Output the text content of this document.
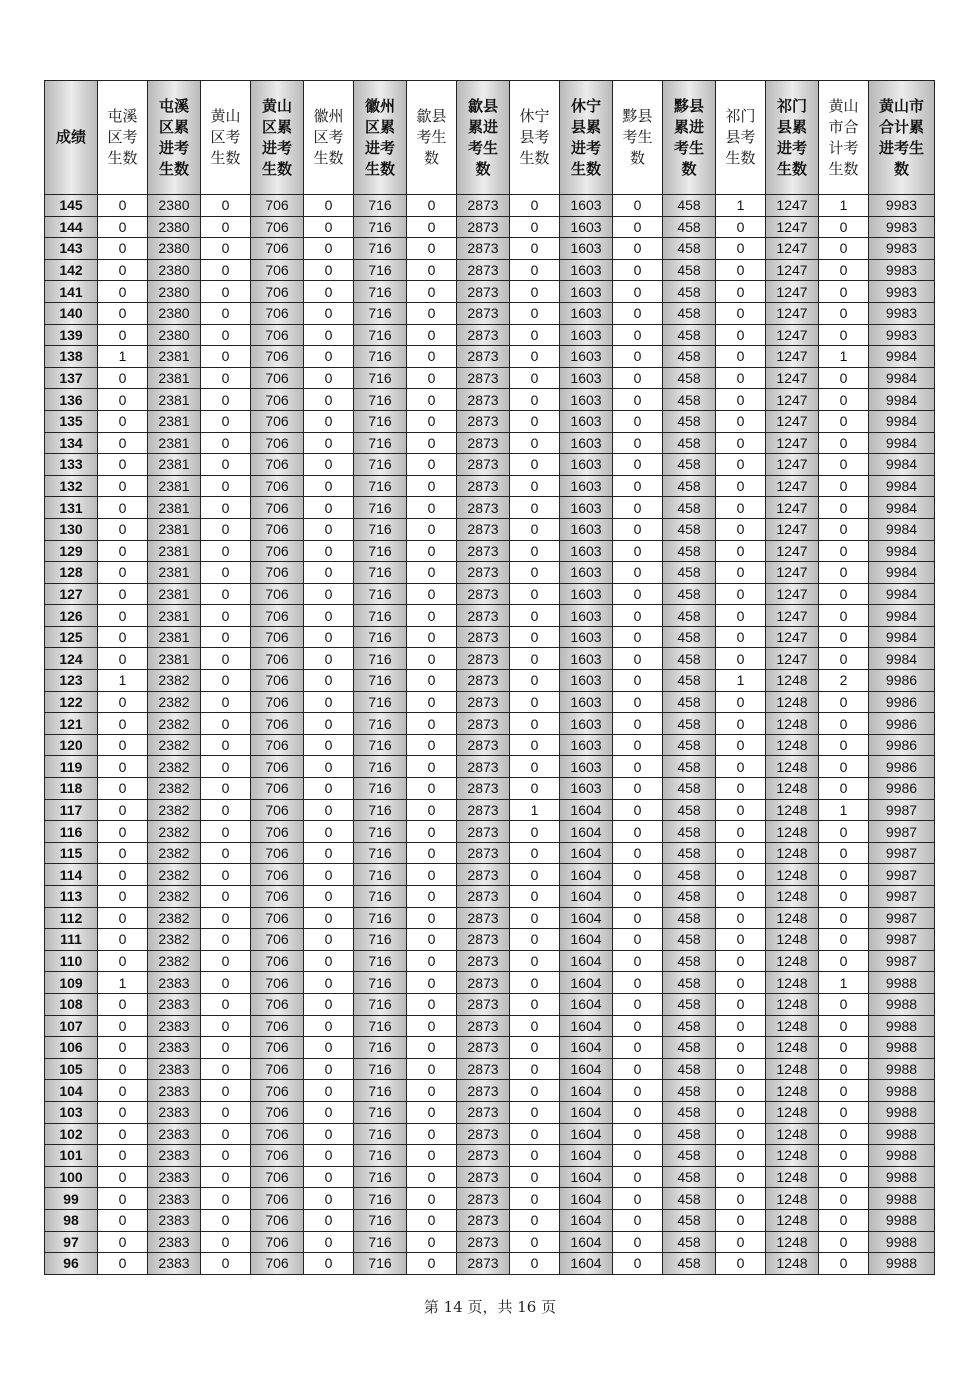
成绩	屯溪区考生数	屯溪区累进考生数	黄山区考生数	黄山区累进考生数	徽州区考生数	徽州区累进考生数	歙县考生数	歙县累进考生数	休宁县考生数	休宁县累进考生数	黟县考生数	黟县累进考生数	祁门县考生数	祁门县累进考生数	黄山市合计考生数	黄山市合计累进考生数

145	0	2380	0	706	0	716	0	2873	0	1603	0	458	1	1247	1	9983
144	0	2380	0	706	0	716	0	2873	0	1603	0	458	0	1247	0	9983
143	0	2380	0	706	0	716	0	2873	0	1603	0	458	0	1247	0	9983
142	0	2380	0	706	0	716	0	2873	0	1603	0	458	0	1247	0	9983
141	0	2380	0	706	0	716	0	2873	0	1603	0	458	0	1247	0	9983
140	0	2380	0	706	0	716	0	2873	0	1603	0	458	0	1247	0	9983
139	0	2380	0	706	0	716	0	2873	0	1603	0	458	0	1247	0	9983
138	1	2381	0	706	0	716	0	2873	0	1603	0	458	0	1247	1	9984
137	0	2381	0	706	0	716	0	2873	0	1603	0	458	0	1247	0	9984
136	0	2381	0	706	0	716	0	2873	0	1603	0	458	0	1247	0	9984
135	0	2381	0	706	0	716	0	2873	0	1603	0	458	0	1247	0	9984
134	0	2381	0	706	0	716	0	2873	0	1603	0	458	0	1247	0	9984
133	0	2381	0	706	0	716	0	2873	0	1603	0	458	0	1247	0	9984
132	0	2381	0	706	0	716	0	2873	0	1603	0	458	0	1247	0	9984
131	0	2381	0	706	0	716	0	2873	0	1603	0	458	0	1247	0	9984
130	0	2381	0	706	0	716	0	2873	0	1603	0	458	0	1247	0	9984
129	0	2381	0	706	0	716	0	2873	0	1603	0	458	0	1247	0	9984
128	0	2381	0	706	0	716	0	2873	0	1603	0	458	0	1247	0	9984
127	0	2381	0	706	0	716	0	2873	0	1603	0	458	0	1247	0	9984
126	0	2381	0	706	0	716	0	2873	0	1603	0	458	0	1247	0	9984
125	0	2381	0	706	0	716	0	2873	0	1603	0	458	0	1247	0	9984
124	0	2381	0	706	0	716	0	2873	0	1603	0	458	0	1247	0	9984
123	1	2382	0	706	0	716	0	2873	0	1603	0	458	1	1248	2	9986
122	0	2382	0	706	0	716	0	2873	0	1603	0	458	0	1248	0	9986
121	0	2382	0	706	0	716	0	2873	0	1603	0	458	0	1248	0	9986
120	0	2382	0	706	0	716	0	2873	0	1603	0	458	0	1248	0	9986
119	0	2382	0	706	0	716	0	2873	0	1603	0	458	0	1248	0	9986
118	0	2382	0	706	0	716	0	2873	0	1603	0	458	0	1248	0	9986
117	0	2382	0	706	0	716	0	2873	1	1604	0	458	0	1248	1	9987
116	0	2382	0	706	0	716	0	2873	0	1604	0	458	0	1248	0	9987
115	0	2382	0	706	0	716	0	2873	0	1604	0	458	0	1248	0	9987
114	0	2382	0	706	0	716	0	2873	0	1604	0	458	0	1248	0	9987
113	0	2382	0	706	0	716	0	2873	0	1604	0	458	0	1248	0	9987
112	0	2382	0	706	0	716	0	2873	0	1604	0	458	0	1248	0	9987
111	0	2382	0	706	0	716	0	2873	0	1604	0	458	0	1248	0	9987
110	0	2382	0	706	0	716	0	2873	0	1604	0	458	0	1248	0	9987
109	1	2383	0	706	0	716	0	2873	0	1604	0	458	0	1248	1	9988
108	0	2383	0	706	0	716	0	2873	0	1604	0	458	0	1248	0	9988
107	0	2383	0	706	0	716	0	2873	0	1604	0	458	0	1248	0	9988
106	0	2383	0	706	0	716	0	2873	0	1604	0	458	0	1248	0	9988
105	0	2383	0	706	0	716	0	2873	0	1604	0	458	0	1248	0	9988
104	0	2383	0	706	0	716	0	2873	0	1604	0	458	0	1248	0	9988
103	0	2383	0	706	0	716	0	2873	0	1604	0	458	0	1248	0	9988
102	0	2383	0	706	0	716	0	2873	0	1604	0	458	0	1248	0	9988
101	0	2383	0	706	0	716	0	2873	0	1604	0	458	0	1248	0	9988
100	0	2383	0	706	0	716	0	2873	0	1604	0	458	0	1248	0	9988
99	0	2383	0	706	0	716	0	2873	0	1604	0	458	0	1248	0	9988
98	0	2383	0	706	0	716	0	2873	0	1604	0	458	0	1248	0	9988
97	0	2383	0	706	0	716	0	2873	0	1604	0	458	0	1248	0	9988
96	0	2383	0	706	0	716	0	2873	0	1604	0	458	0	1248	0	9988
第 14 页，共 16 页
